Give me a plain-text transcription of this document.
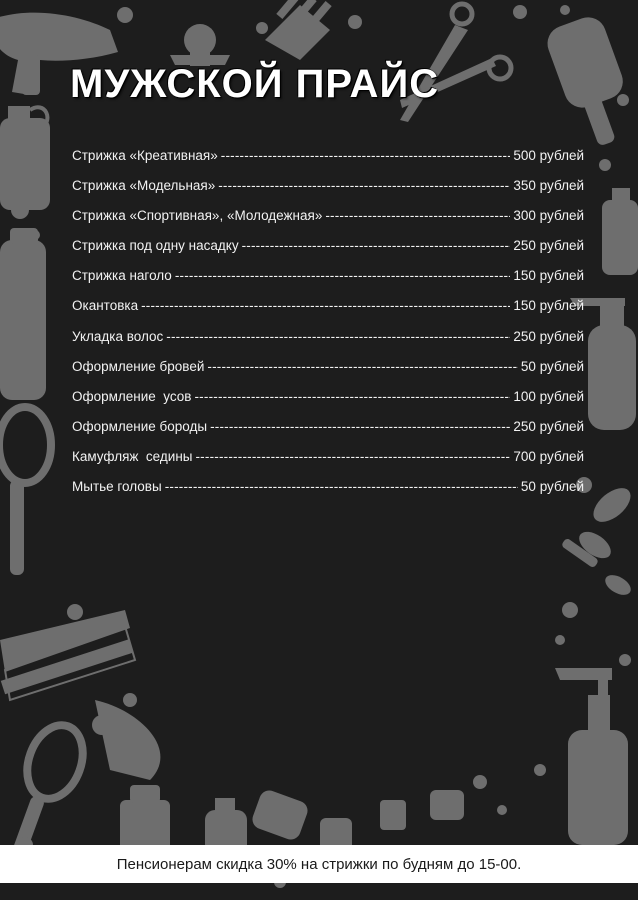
МУЖСКОЙ ПРАЙС
Стрижка «Креативная» -----	500 рублей
Стрижка «Модельная» -----	350 рублей
Стрижка «Спортивная», «Молодежная» -----	300 рублей
Стрижка под одну насадку -----	250 рублей
Стрижка наголо -----	150 рублей
Окантовка -----	150 рублей
Укладка волос -----	250 рублей
Оформление бровей -----	50 рублей
Оформление  усов -----	100 рублей
Оформление бороды -----	250 рублей
Камуфляж  седины -----	700 рублей
Мытье головы -----	50 рублей
Пенсионерам скидка 30% на стрижки по будням до 15-00.
